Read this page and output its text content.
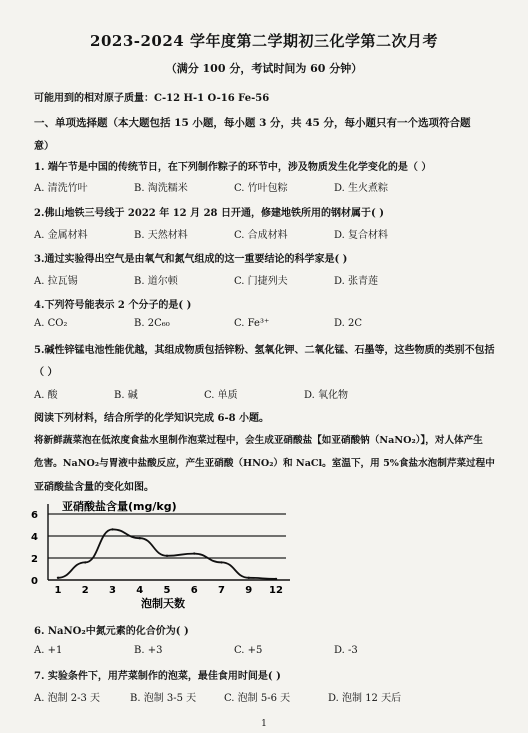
2023-2024 学年度第二学期初三化学第二次月考
（满分 100 分，考试时间为 60 分钟）
可能用到的相对原子质量：C-12 H-1 O-16 Fe-56
一、单项选择题（本大题包括 15 小题，每小题 3 分，共 45 分，每小题只有一个选项符合题
意）
1. 端午节是中国的传统节日，在下列制作粽子的环节中，涉及物质发生化学变化的是（ ）
A. 清洗竹叶	B. 淘洗糯米	C. 竹叶包粽	D. 生火煮粽
2.佛山地铁三号线于 2022 年 12 月 28 日开通，修建地铁所用的钢材属于( )
A. 金属材料	B. 天然材料	C. 合成材料	D. 复合材料
3.通过实验得出空气是由氧气和氮气组成的这一重要结论的科学家是( )
A. 拉瓦锡	B. 道尔顿	C. 门捷列夫	D. 张青莲
4.下列符号能表示 2 个分子的是( )
A. CO₂	B. 2C₆₀	C. Fe³⁺	D. 2C
5.碱性锌锰电池性能优越，其组成物质包括锌粉、氢氧化钾、二氧化锰、石墨等，这些物质的类别不包括
（ ）
A. 酸	B. 碱	C. 单质	D. 氧化物
阅读下列材料，结合所学的化学知识完成 6-8 小题。
将新鲜蔬菜泡在低浓度食盐水里制作泡菜过程中，会生成亚硝酸盐【如亚硝酸钠（NaNO₂）】，对人体产生
危害。NaNO₂与胃液中盐酸反应，产生亚硝酸（HNO₂）和 NaCl。室温下，用 5%食盐水泡制芹菜过程中
亚硝酸盐含量的变化如图。
亚硝酸盐含量(mg/kg)
0
2
4
6
1 2 3 4 5 6 7 9 12
泡制天数
6. NaNO₂中氮元素的化合价为( )
A. +1	B. +3	C. +5	D. -3
7. 实验条件下，用芹菜制作的泡菜，最佳食用时间是( )
A. 泡制 2-3 天	B. 泡制 3-5 天	C. 泡制 5-6 天	D. 泡制 12 天后
1
